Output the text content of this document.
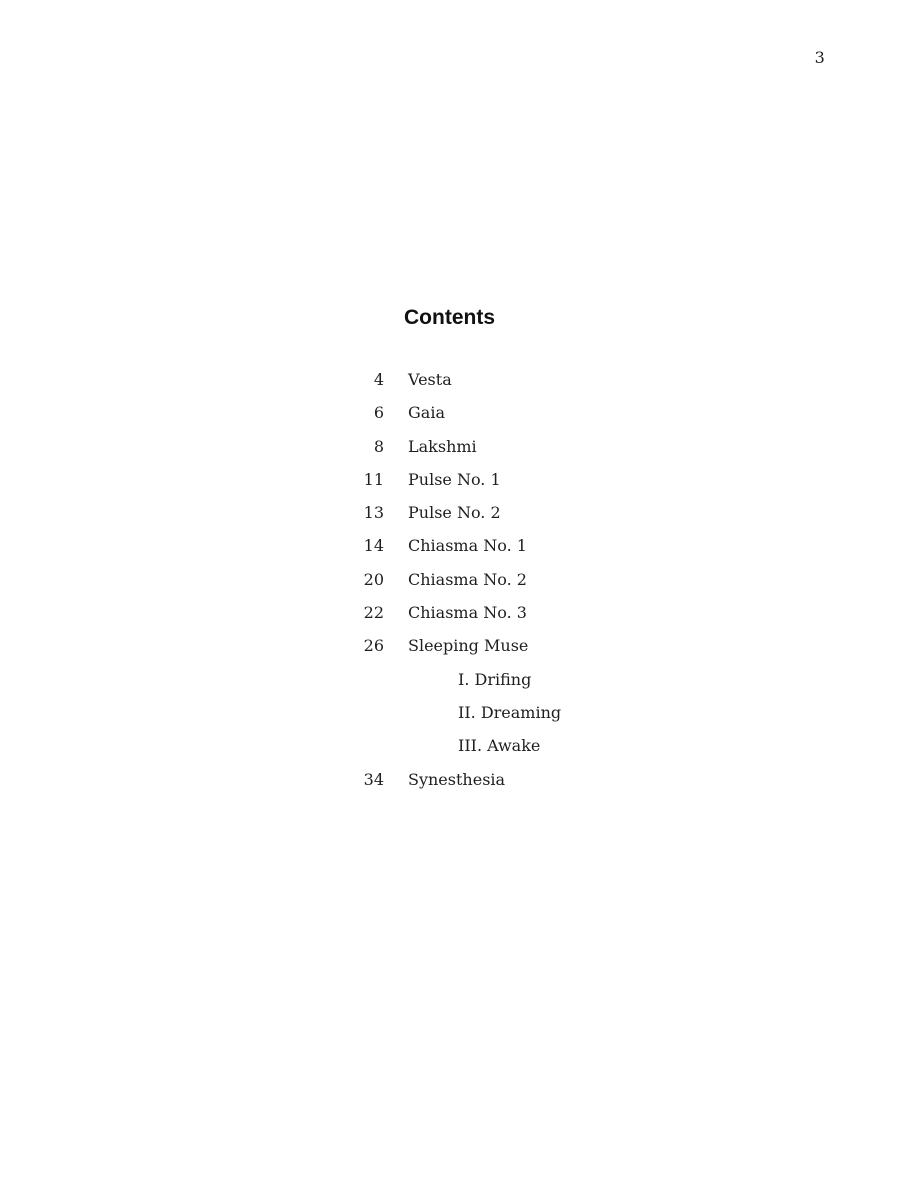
3
Contents
4 Vesta
6 Gaia
8 Lakshmi
11 Pulse No. 1
13 Pulse No. 2
14 Chiasma No. 1
20 Chiasma No. 2
22 Chiasma No. 3
26 Sleeping Muse
I. Drifing
II. Dreaming
III. Awake
34 Synesthesia
